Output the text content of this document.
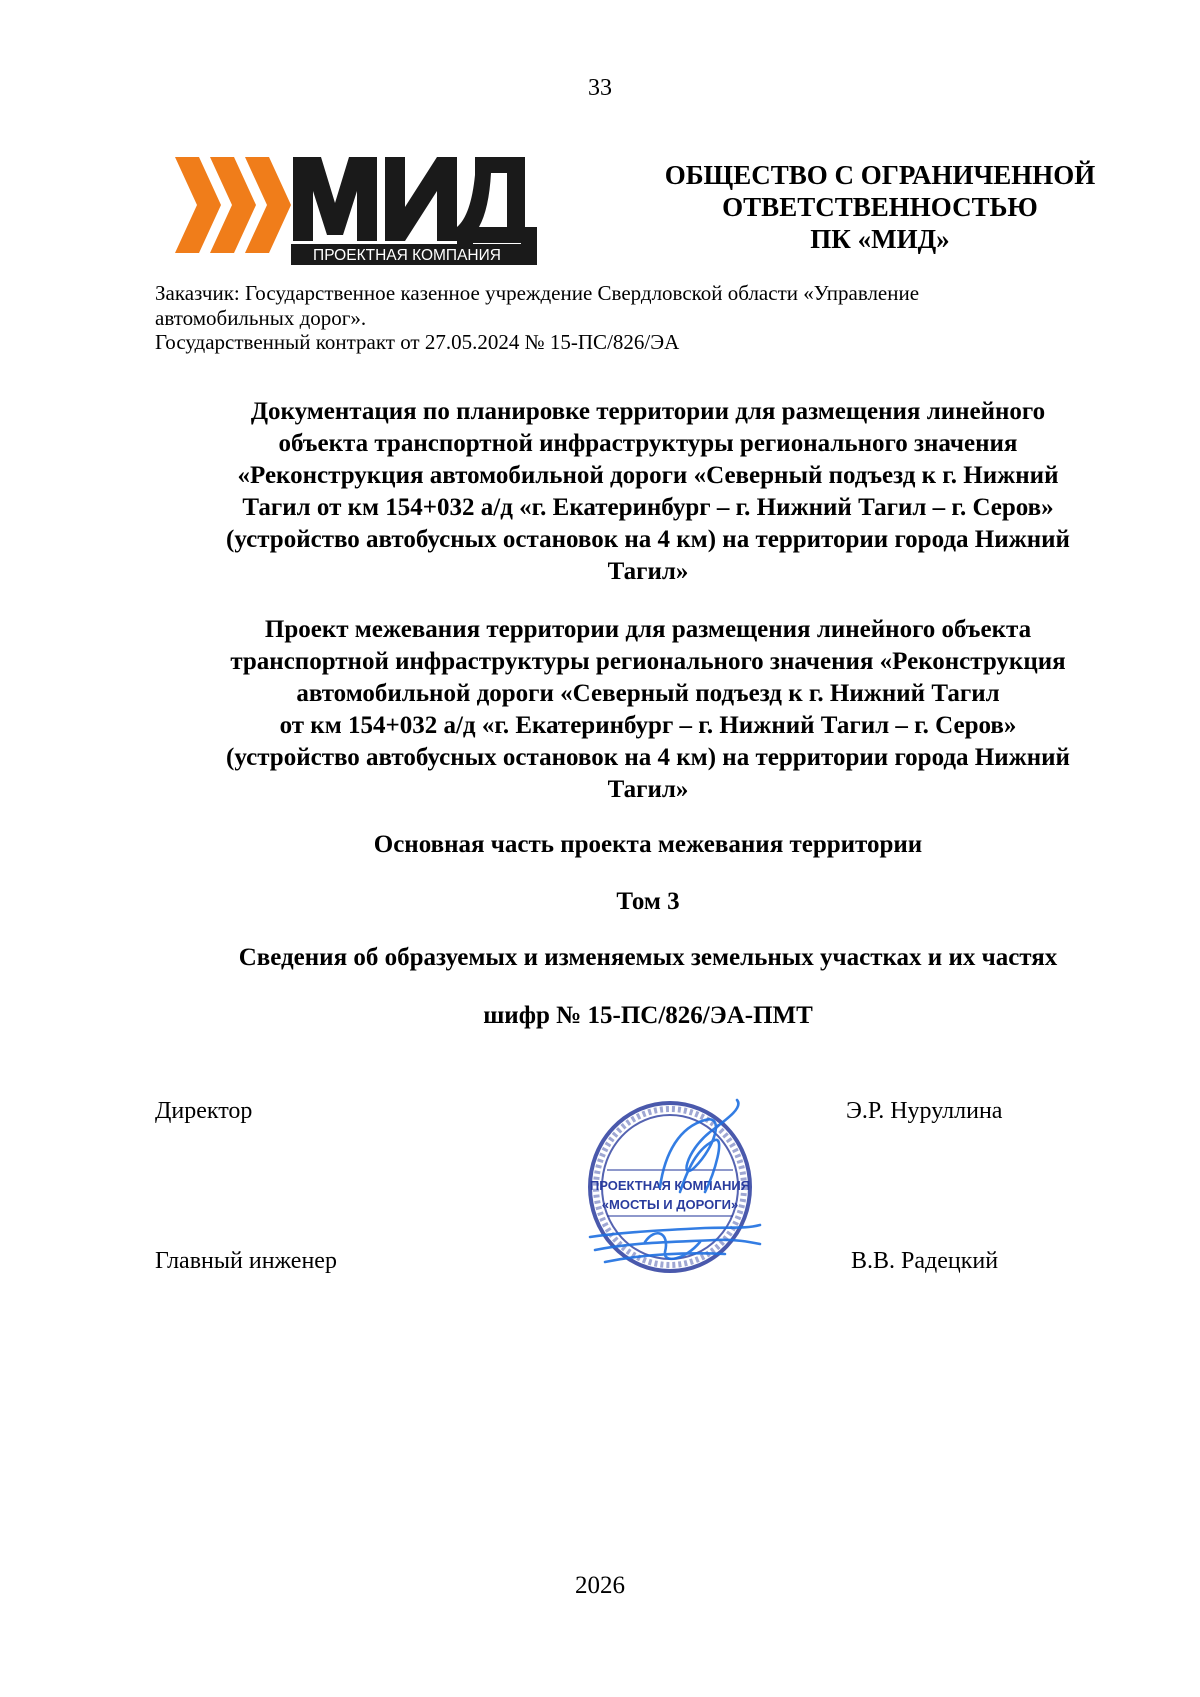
33
ПРОЕКТНАЯ КОМПАНИЯ
ОБЩЕСТВО С ОГРАНИЧЕННОЙ
ОТВЕТСТВЕННОСТЬЮ
ПК «МИД»
Заказчик: Государственное казенное учреждение Свердловской области «Управление
автомобильных дорог».
Государственный контракт от 27.05.2024 № 15-ПС/826/ЭА
Документация по планировке территории для размещения линейного
объекта транспортной инфраструктуры регионального значения
«Реконструкция автомобильной дороги «Северный подъезд к г. Нижний
Тагил от км 154+032 а/д «г. Екатеринбург – г. Нижний Тагил – г. Серов»
(устройство автобусных остановок на 4 км) на территории города Нижний
Тагил»
Проект межевания территории для размещения линейного объекта
транспортной инфраструктуры регионального значения «Реконструкция
автомобильной дороги «Северный подъезд к г. Нижний Тагил
от км 154+032 а/д «г. Екатеринбург – г. Нижний Тагил – г. Серов»
(устройство автобусных остановок на 4 км) на территории города Нижний
Тагил»
Основная часть проекта межевания территории
Том 3
Сведения об образуемых и изменяемых земельных участках и их частях
шифр № 15-ПС/826/ЭА-ПМТ
Директор	Э.Р. Нуруллина
Главный инженер	В.В. Радецкий
ПРОЕКТНАЯ КОМПАНИЯ
«МОСТЫ И ДОРОГИ»
2026
